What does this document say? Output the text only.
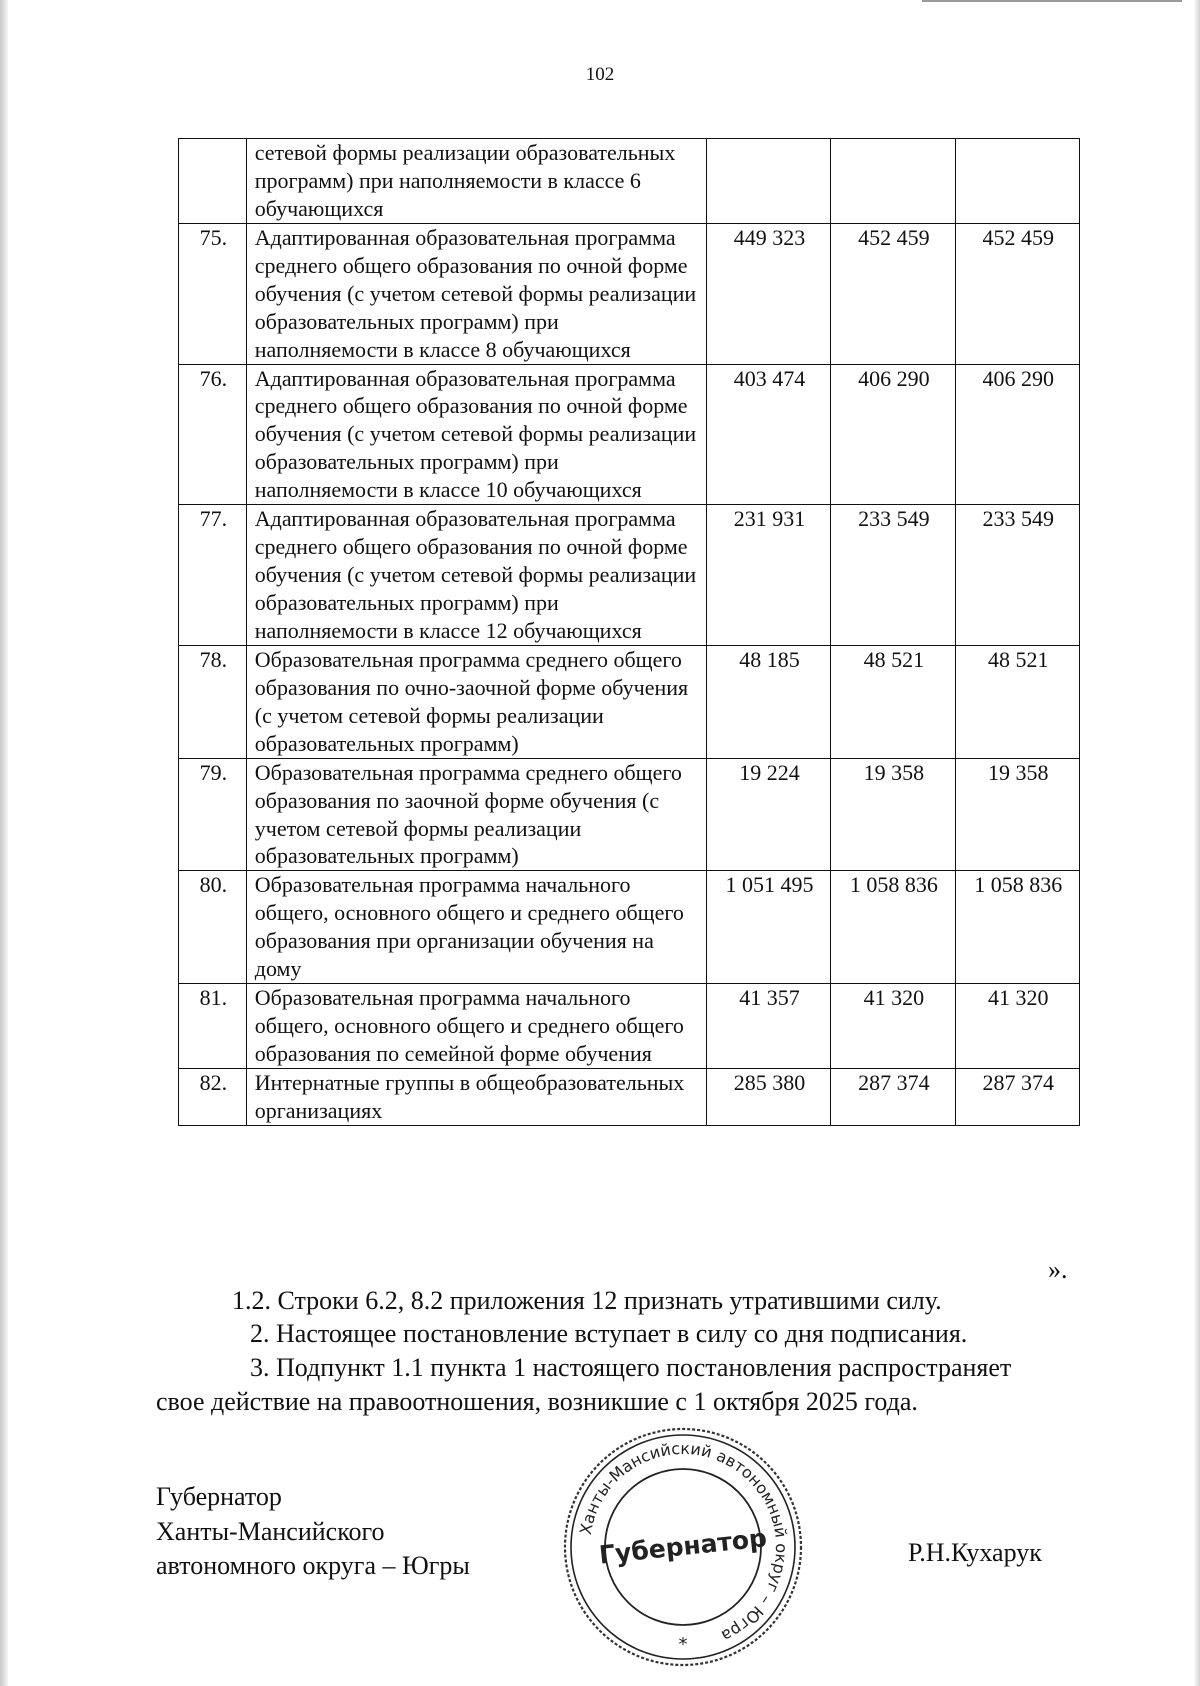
102
	сетевой формы реализации образовательных программ) при наполняемости в классе 6 обучающихся			
75.	Адаптированная образовательная программа среднего общего образования по очной форме обучения (с учетом сетевой формы реализации образовательных программ) при наполняемости в классе 8 обучающихся	449 323	452 459	452 459
76.	Адаптированная образовательная программа среднего общего образования по очной форме обучения (с учетом сетевой формы реализации образовательных программ) при наполняемости в классе 10 обучающихся	403 474	406 290	406 290
77.	Адаптированная образовательная программа среднего общего образования по очной форме обучения (с учетом сетевой формы реализации образовательных программ) при наполняемости в классе 12 обучающихся	231 931	233 549	233 549
78.	Образовательная программа среднего общего образования по очно-заочной форме обучения (с учетом сетевой формы реализации образовательных программ)	48 185	48 521	48 521
79.	Образовательная программа среднего общего образования по заочной форме обучения (с учетом сетевой формы реализации образовательных программ)	19 224	19 358	19 358
80.	Образовательная программа начального общего, основного общего и среднего общего образования при организации обучения на дому	1 051 495	1 058 836	1 058 836
81.	Образовательная программа начального общего, основного общего и среднего общего образования по семейной форме обучения	41 357	41 320	41 320
82.	Интернатные группы в общеобразовательных организациях	285 380	287 374	287 374
».
1.2. Строки 6.2, 8.2 приложения 12 признать утратившими силу.
2. Настоящее постановление вступает в силу со дня подписания.
3. Подпункт 1.1 пункта 1 настоящего постановления распространяет
свое действие на правоотношения, возникшие с 1 октября 2025 года.
Губернатор
Ханты-Мансийского
автономного округа – Югры
Ханты-Мансийский автономный округ – Югра
Губернатор
*
Р.Н.Кухарук
